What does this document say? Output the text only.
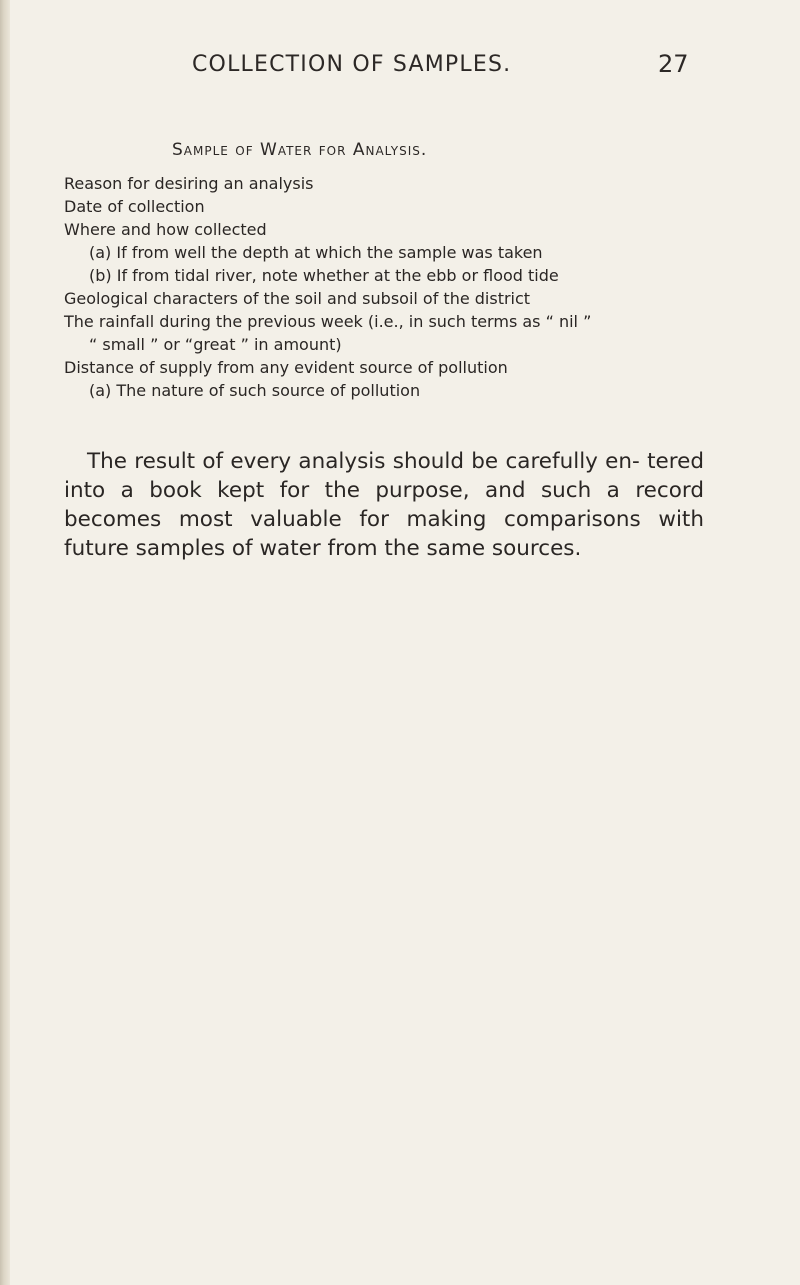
COLLECTION OF SAMPLES.	27
Sample of Water for Analysis.
Reason for desiring an analysis
Date of collection
Where and how collected
(a) If from well the depth at which the sample was taken
(b) If from tidal river, note whether at the ebb or flood tide
Geological characters of the soil and subsoil of the district
The rainfall during the previous week (i.e., in such terms as “ nil ”
“ small ” or “great ” in amount)
Distance of supply from any evident source of pollution
(a) The nature of such source of pollution

The result of every analysis should be carefully en- tered into a book kept for the purpose, and such a record becomes most valuable for making comparisons with future samples of water from the same sources.
